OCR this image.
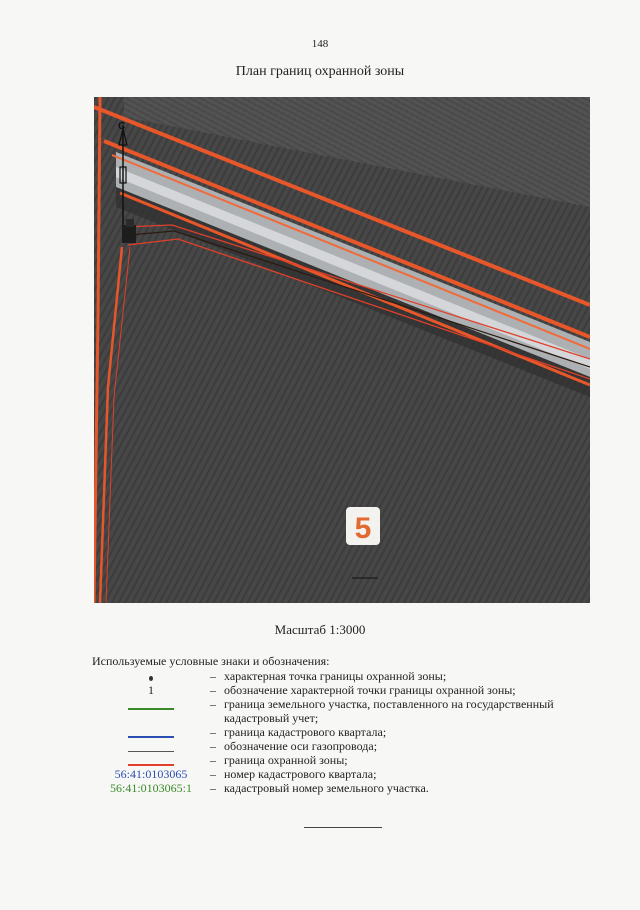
148
План границ охранной зоны
С
5
Масштаб 1:3000
Используемые условные знаки и обозначения:
– характерная точка границы охранной зоны;
1	– обозначение характерной точки границы охранной зоны;
– граница земельного участка, поставленного на государственный кадастровый учет;
– граница кадастрового квартала;
– обозначение оси газопровода;
– граница охранной зоны;
56:41:0103065 – номер кадастрового квартала;
56:41:0103065:1 – кадастровый номер земельного участка.
